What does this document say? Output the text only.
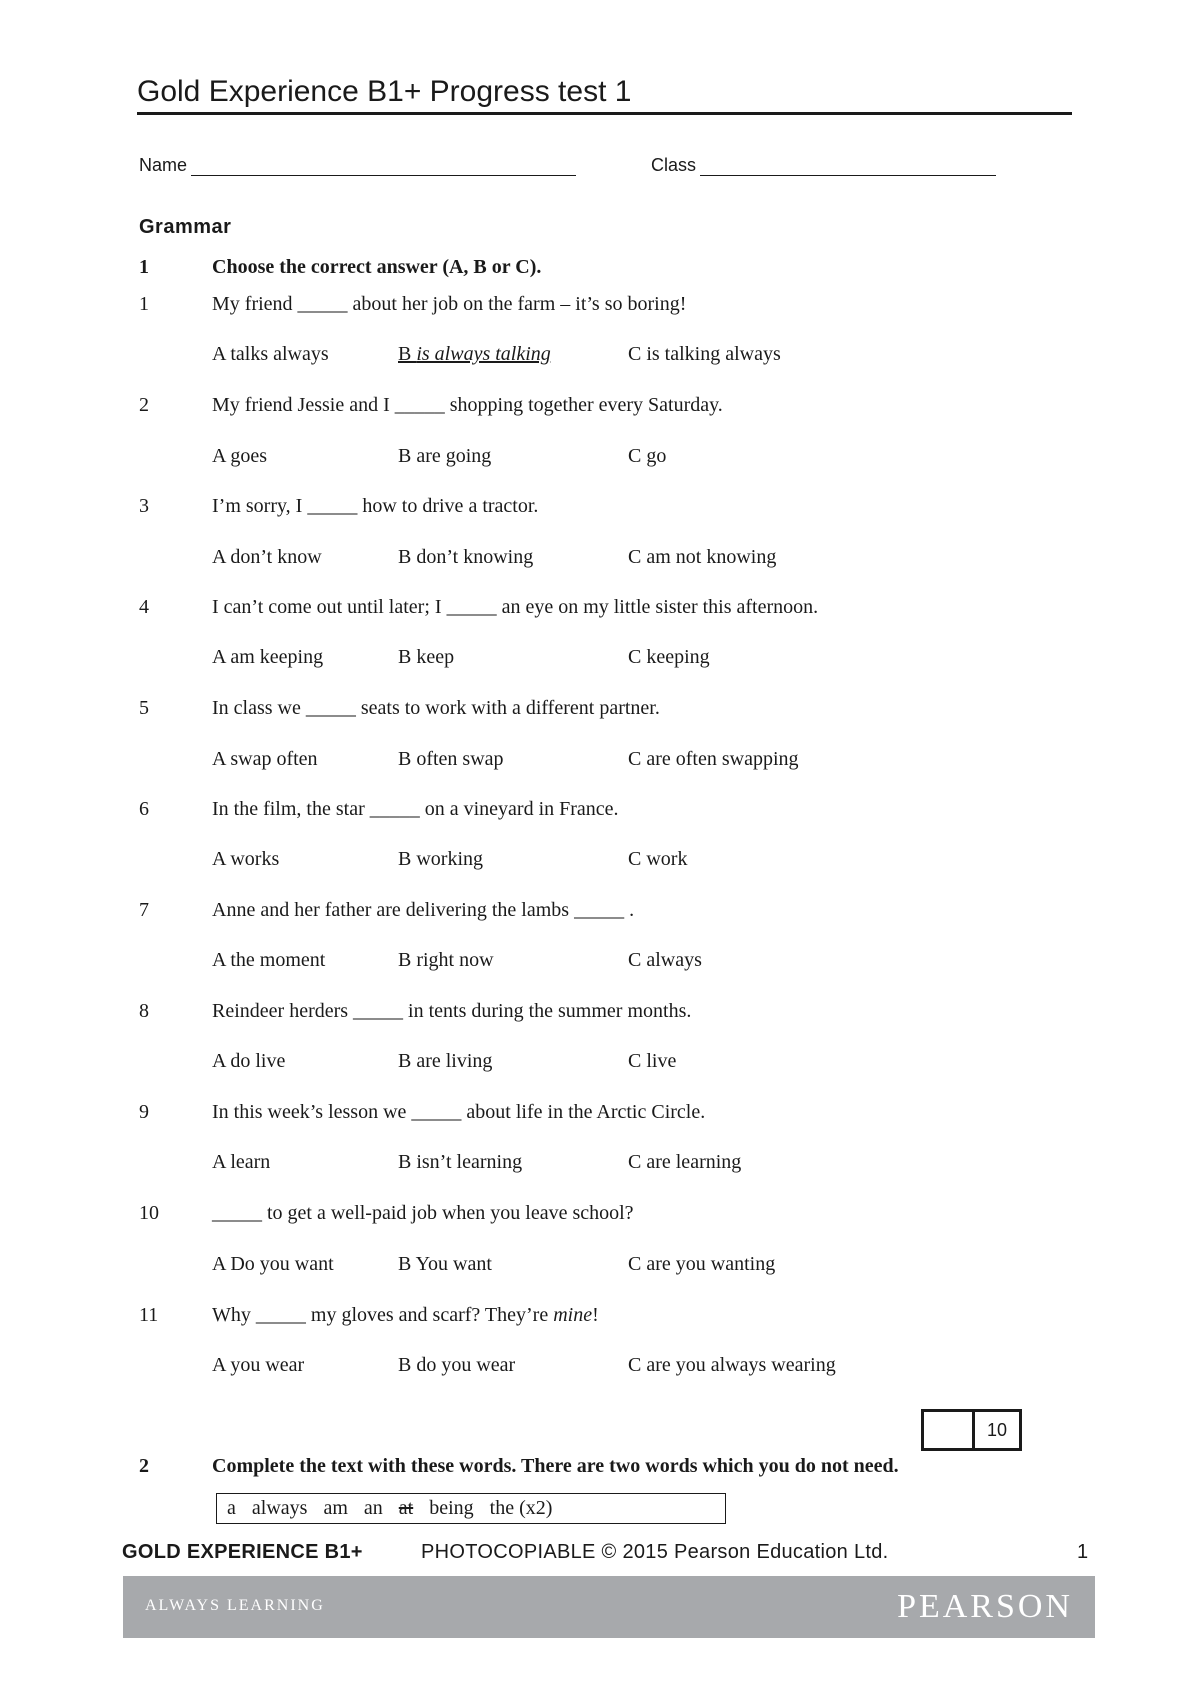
Gold Experience B1+ Progress test 1
Name	Class
Grammar
1	Choose the correct answer (A, B or C).
1	My friend _____ about her job on the farm – it’s so boring!
A talks always	B is always talking	C is talking always
2	My friend Jessie and I _____ shopping together every Saturday.
A goes	B are going	C go
3	I’m sorry, I _____ how to drive a tractor.
A don’t know	B don’t knowing	C am not knowing
4	I can’t come out until later; I _____ an eye on my little sister this afternoon.
A am keeping	B keep	C keeping
5	In class we _____ seats to work with a different partner.
A swap often	B often swap	C are often swapping
6	In the film, the star _____ on a vineyard in France.
A works	B working	C work
7	Anne and her father are delivering the lambs _____ .
A the moment	B right now	C always
8	Reindeer herders _____ in tents during the summer months.
A do live	B are living	C live
9	In this week’s lesson we _____ about life in the Arctic Circle.
A learn	B isn’t learning	C are learning
10	_____ to get a well-paid job when you leave school?
A Do you want	B You want	C are you wanting
11	Why _____ my gloves and scarf? They’re mine!
A you wear	B do you wear	C are you always wearing
10
2	Complete the text with these words. There are two words which you do not need.
a always am an at being the (x2)
GOLD EXPERIENCE B1+	PHOTOCOPIABLE © 2015 Pearson Education Ltd.	1
ALWAYS LEARNING	PEARSON
